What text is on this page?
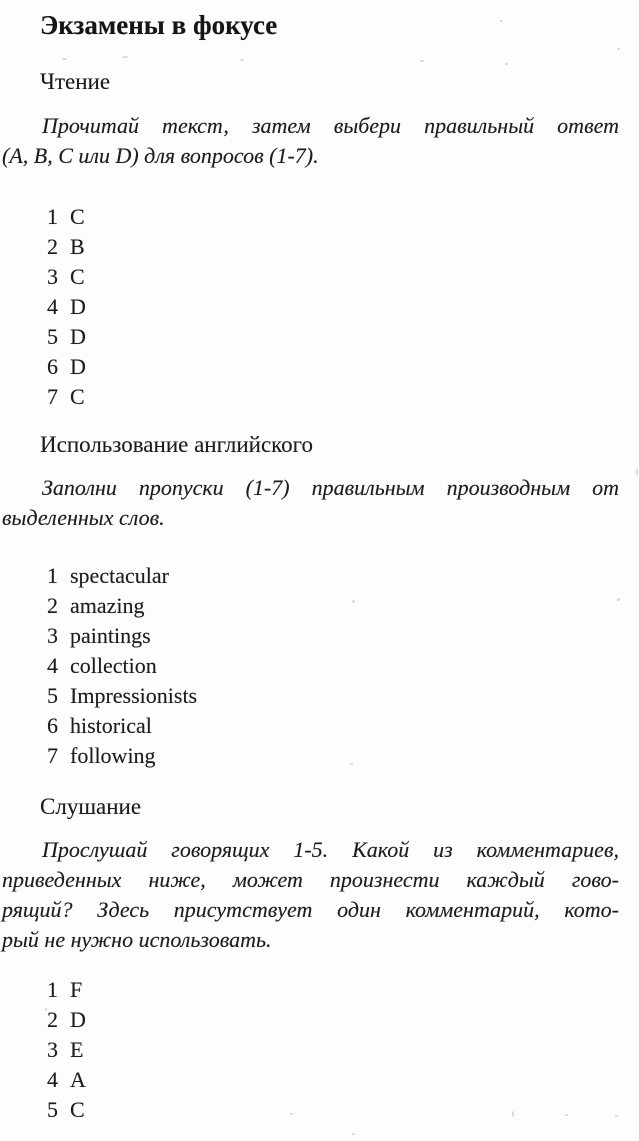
Экзамены в фокусе
Чтение
Прочитай текст, затем выбери правильный ответ
(A, B, C или D) для вопросов (1-7).
1 C
2 B
3 C
4 D
5 D
6 D
7 C
Использование английского
Заполни пропуски (1-7) правильным производным от
выделенных слов.
1 spectacular
2 amazing
3 paintings
4 collection
5 Impressionists
6 historical
7 following
Слушание
Прослушай говорящих 1-5. Какой из комментариев,
приведенных ниже, может произнести каждый гово-
рящий? Здесь присутствует один комментарий, кото-
рый не нужно использовать.
1 F
2 D
3 E
4 A
5 C
